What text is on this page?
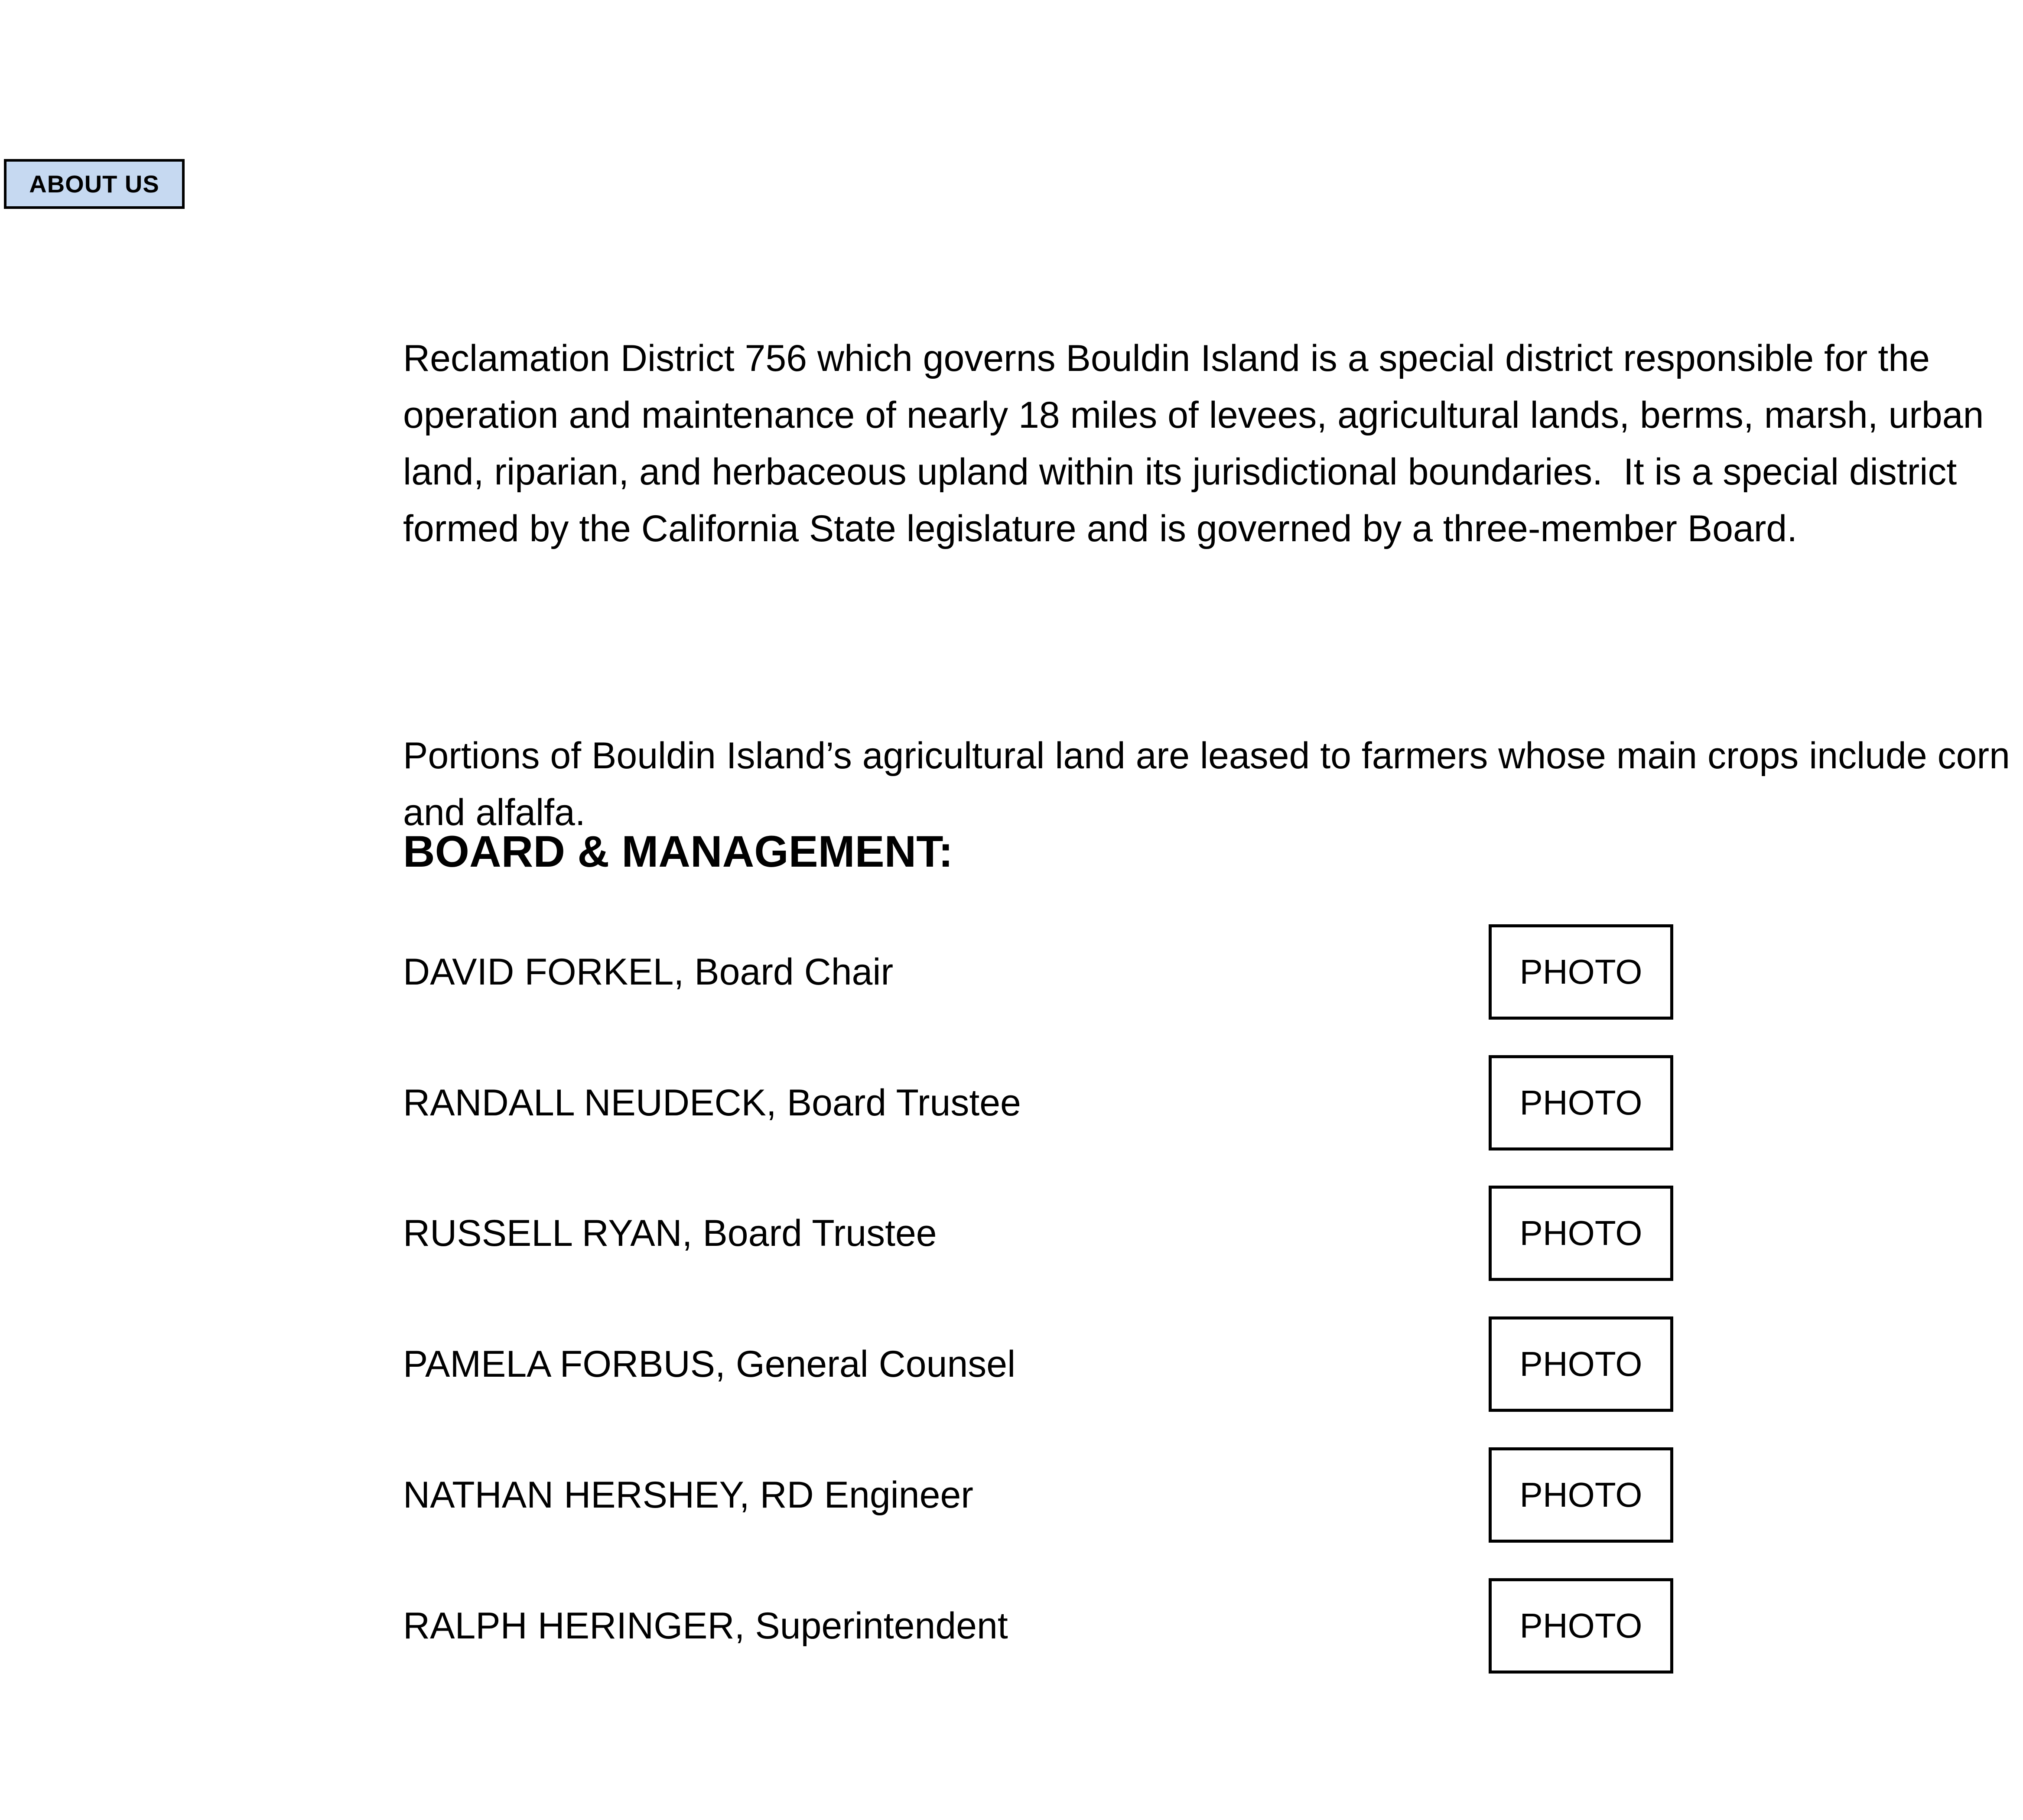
ABOUT US

Reclamation District 756 which governs Bouldin Island is a special district responsible for the operation and maintenance of nearly 18 miles of levees, agricultural lands, berms, marsh, urban land, riparian, and herbaceous upland within its jurisdictional boundaries.  It is a special district formed by the California State legislature and is governed by a three-member Board.

Portions of Bouldin Island’s agricultural land are leased to farmers whose main crops include corn and alfalfa.

BOARD & MANAGEMENT:
DAVID FORKEL, Board Chair	PHOTO
RANDALL NEUDECK, Board Trustee	PHOTO
RUSSELL RYAN, Board Trustee	PHOTO
PAMELA FORBUS, General Counsel	PHOTO
NATHAN HERSHEY, RD Engineer	PHOTO
RALPH HERINGER, Superintendent	PHOTO
